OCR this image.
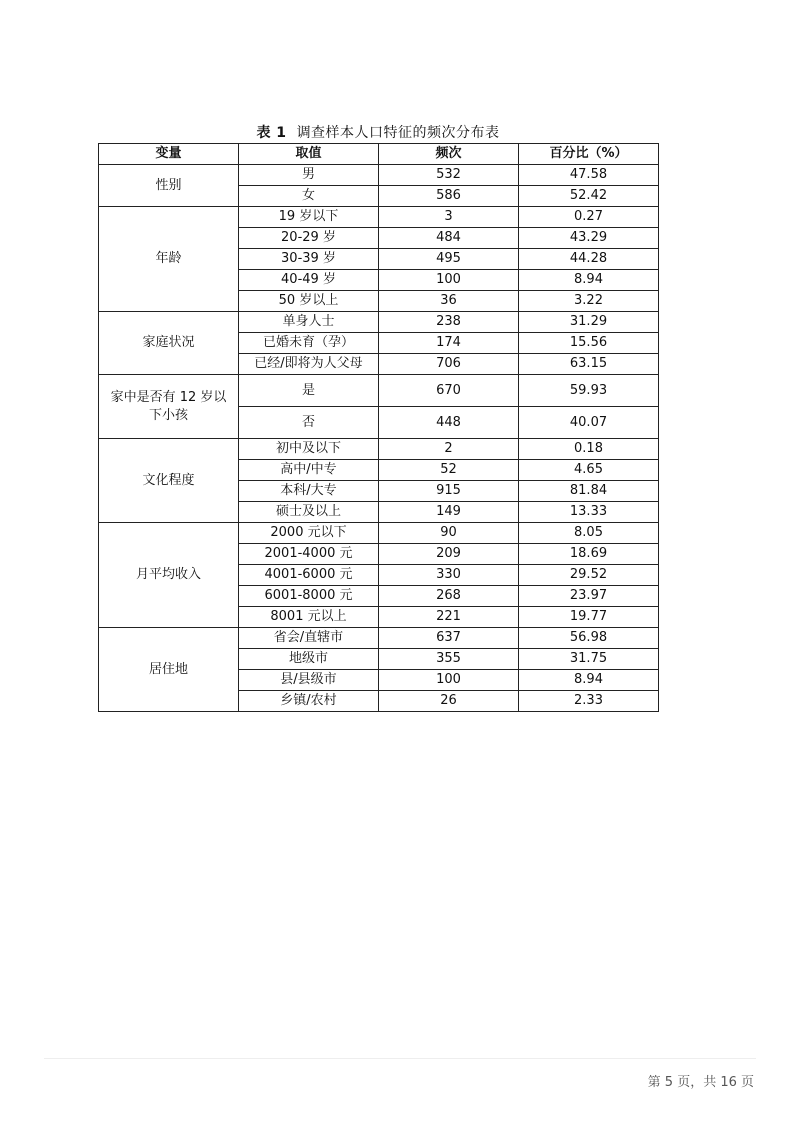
表 1 调查样本人口特征的频次分布表
变量	取值	频次	百分比（%）
性别	男	532	47.58
	女	586	52.42
年龄	19 岁以下	3	0.27
	20-29 岁	484	43.29
	30-39 岁	495	44.28
	40-49 岁	100	8.94
	50 岁以上	36	3.22
家庭状况	单身人士	238	31.29
	已婚未育（孕）	174	15.56
	已经/即将为人父母	706	63.15
家中是否有 12 岁以下小孩	是	670	59.93
	否	448	40.07
文化程度	初中及以下	2	0.18
	高中/中专	52	4.65
	本科/大专	915	81.84
	硕士及以上	149	13.33
月平均收入	2000 元以下	90	8.05
	2001-4000 元	209	18.69
	4001-6000 元	330	29.52
	6001-8000 元	268	23.97
	8001 元以上	221	19.77
居住地	省会/直辖市	637	56.98
	地级市	355	31.75
	县/县级市	100	8.94
	乡镇/农村	26	2.33
第 5 页，共 16 页
